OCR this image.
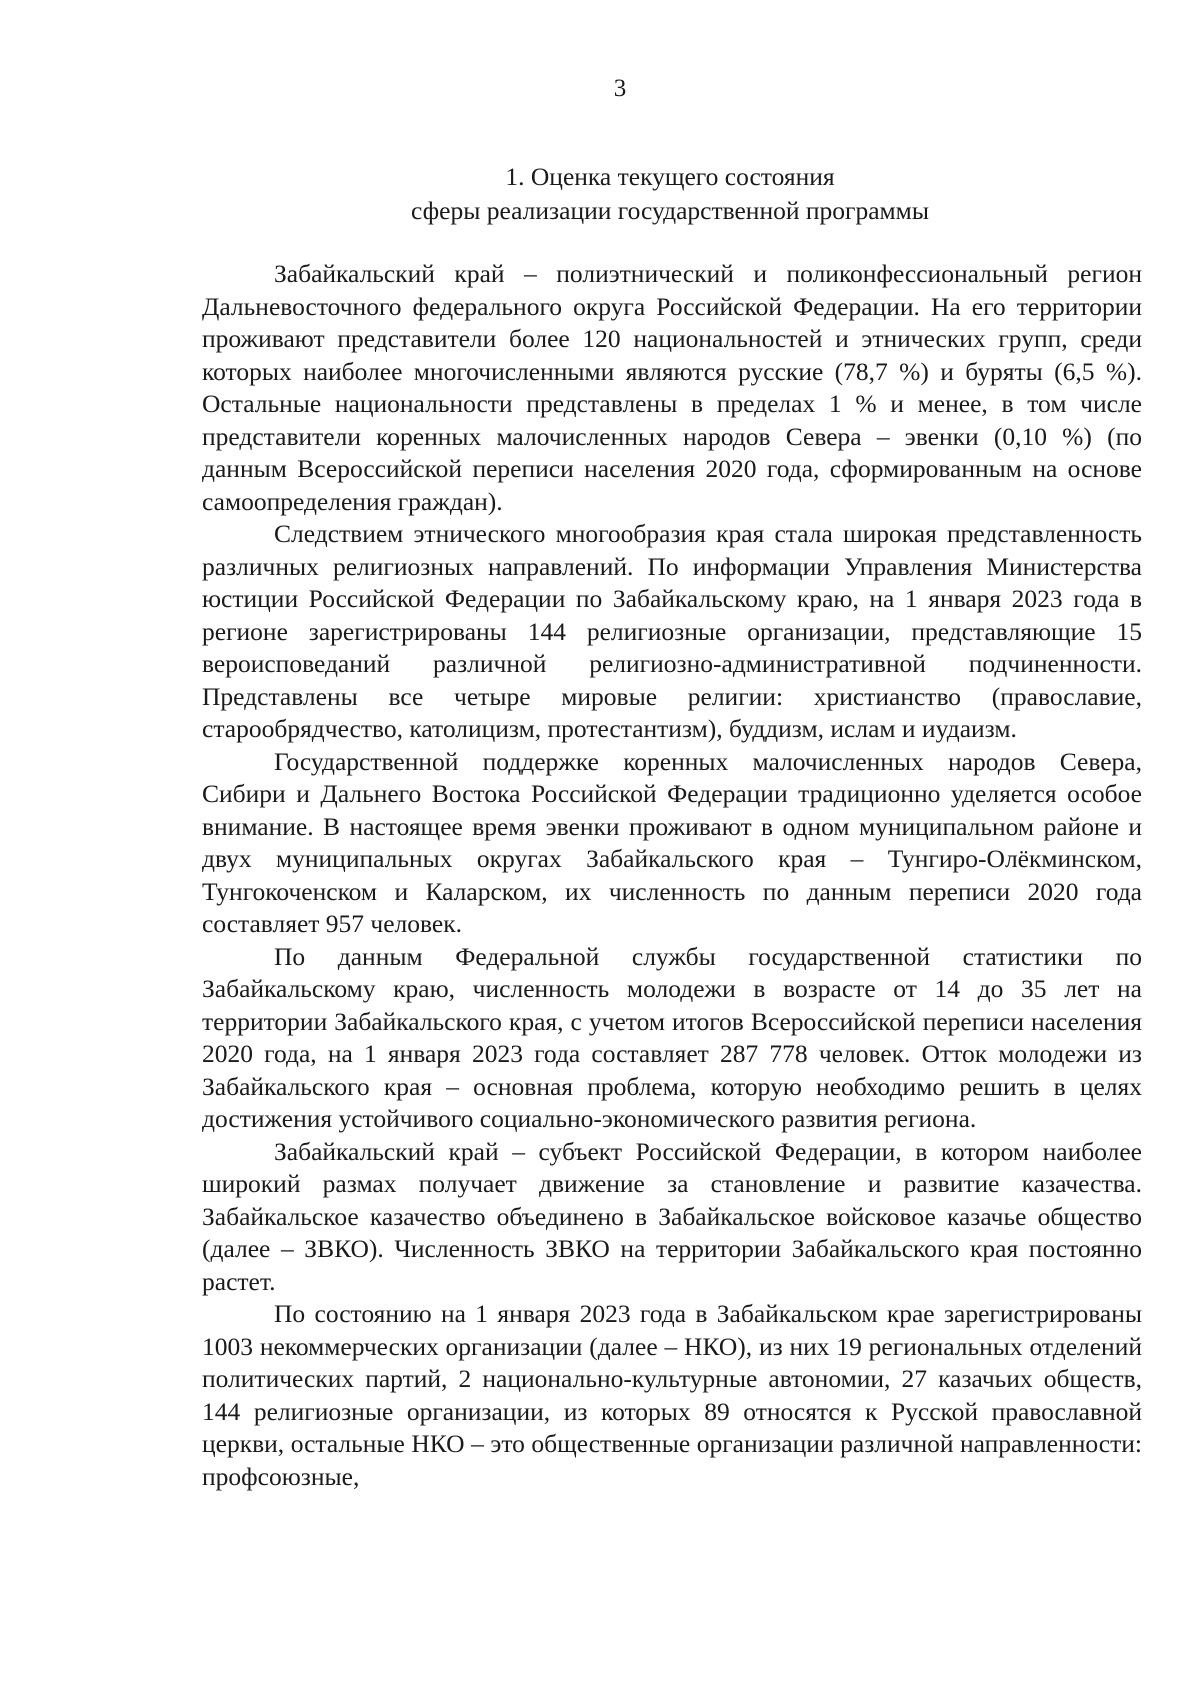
3
1. Оценка текущего состояния
сферы реализации государственной программы

Забайкальский край – полиэтнический и поликонфессиональный регион Дальневосточного федерального округа Российской Федерации. На его территории проживают представители более 120 национальностей и этнических групп, среди которых наиболее многочисленными являются русские (78,7 %) и буряты (6,5 %). Остальные национальности представлены в пределах 1 % и менее, в том числе представители коренных малочисленных народов Севера – эвенки (0,10 %) (по данным Всероссийской переписи населения 2020 года, сформированным на основе самоопределения граждан).

Следствием этнического многообразия края стала широкая представленность различных религиозных направлений. По информации Управления Министерства юстиции Российской Федерации по Забайкальскому краю, на 1 января 2023 года в регионе зарегистрированы 144 религиозные организации, представляющие 15 вероисповеданий различной религиозно-административной подчиненности. Представлены все четыре мировые религии: христианство (православие, старообрядчество, католицизм, протестантизм), буддизм, ислам и иудаизм.

Государственной поддержке коренных малочисленных народов Севера, Сибири и Дальнего Востока Российской Федерации традиционно уделяется особое внимание. В настоящее время эвенки проживают в одном муниципальном районе и двух муниципальных округах Забайкальского края – Тунгиро-Олёкминском, Тунгокоченском и Каларском, их численность по данным переписи 2020 года составляет 957 человек.

По данным Федеральной службы государственной статистики по Забайкальскому краю, численность молодежи в возрасте от 14 до 35 лет на территории Забайкальского края, с учетом итогов Всероссийской переписи населения 2020 года, на 1 января 2023 года составляет 287 778 человек. Отток молодежи из Забайкальского края – основная проблема, которую необходимо решить в целях достижения устойчивого социально-экономического развития региона.

Забайкальский край – субъект Российской Федерации, в котором наиболее широкий размах получает движение за становление и развитие казачества. Забайкальское казачество объединено в Забайкальское войсковое казачье общество (далее – ЗВКО). Численность ЗВКО на территории Забайкальского края постоянно растет.

По состоянию на 1 января 2023 года в Забайкальском крае зарегистрированы 1003 некоммерческих организации (далее – НКО), из них 19 региональных отделений политических партий, 2 национально-культурные автономии, 27 казачьих обществ, 144 религиозные организации, из которых 89 относятся к Русской православной церкви, остальные НКО – это общественные организации различной направленности: профсоюзные,
